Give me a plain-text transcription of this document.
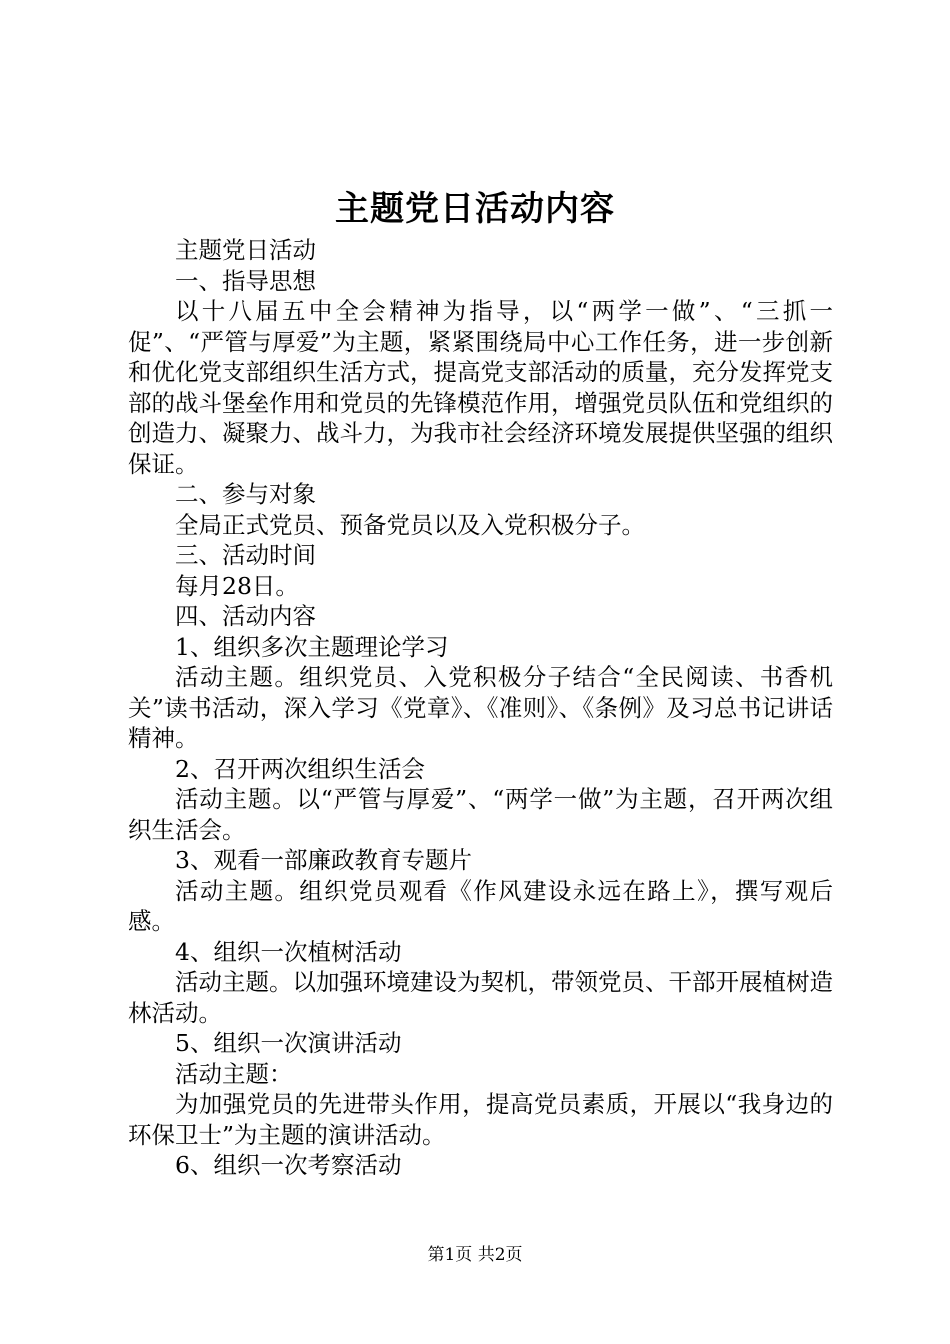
主题党日活动内容

主题党日活动

一、指导思想

以十八届五中全会精神为指导，以“两学一做”、“三抓一促”、“严管与厚爱”为主题，紧紧围绕局中心工作任务，进一步创新和优化党支部组织生活方式，提高党支部活动的质量，充分发挥党支部的战斗堡垒作用和党员的先锋模范作用，增强党员队伍和党组织的创造力、凝聚力、战斗力，为我市社会经济环境发展提供坚强的组织保证。

二、参与对象

全局正式党员、预备党员以及入党积极分子。

三、活动时间

每月28日。

四、活动内容

1、组织多次主题理论学习

活动主题。组织党员、入党积极分子结合“全民阅读、书香机关”读书活动，深入学习《党章》、《准则》、《条例》及习总书记讲话精神。

2、召开两次组织生活会

活动主题。以“严管与厚爱”、“两学一做”为主题，召开两次组织生活会。

3、观看一部廉政教育专题片

活动主题。组织党员观看《作风建设永远在路上》，撰写观后感。

4、组织一次植树活动

活动主题。以加强环境建设为契机，带领党员、干部开展植树造林活动。

5、组织一次演讲活动

活动主题：

为加强党员的先进带头作用，提高党员素质，开展以“我身边的环保卫士”为主题的演讲活动。

6、组织一次考察活动

第1页 共2页
